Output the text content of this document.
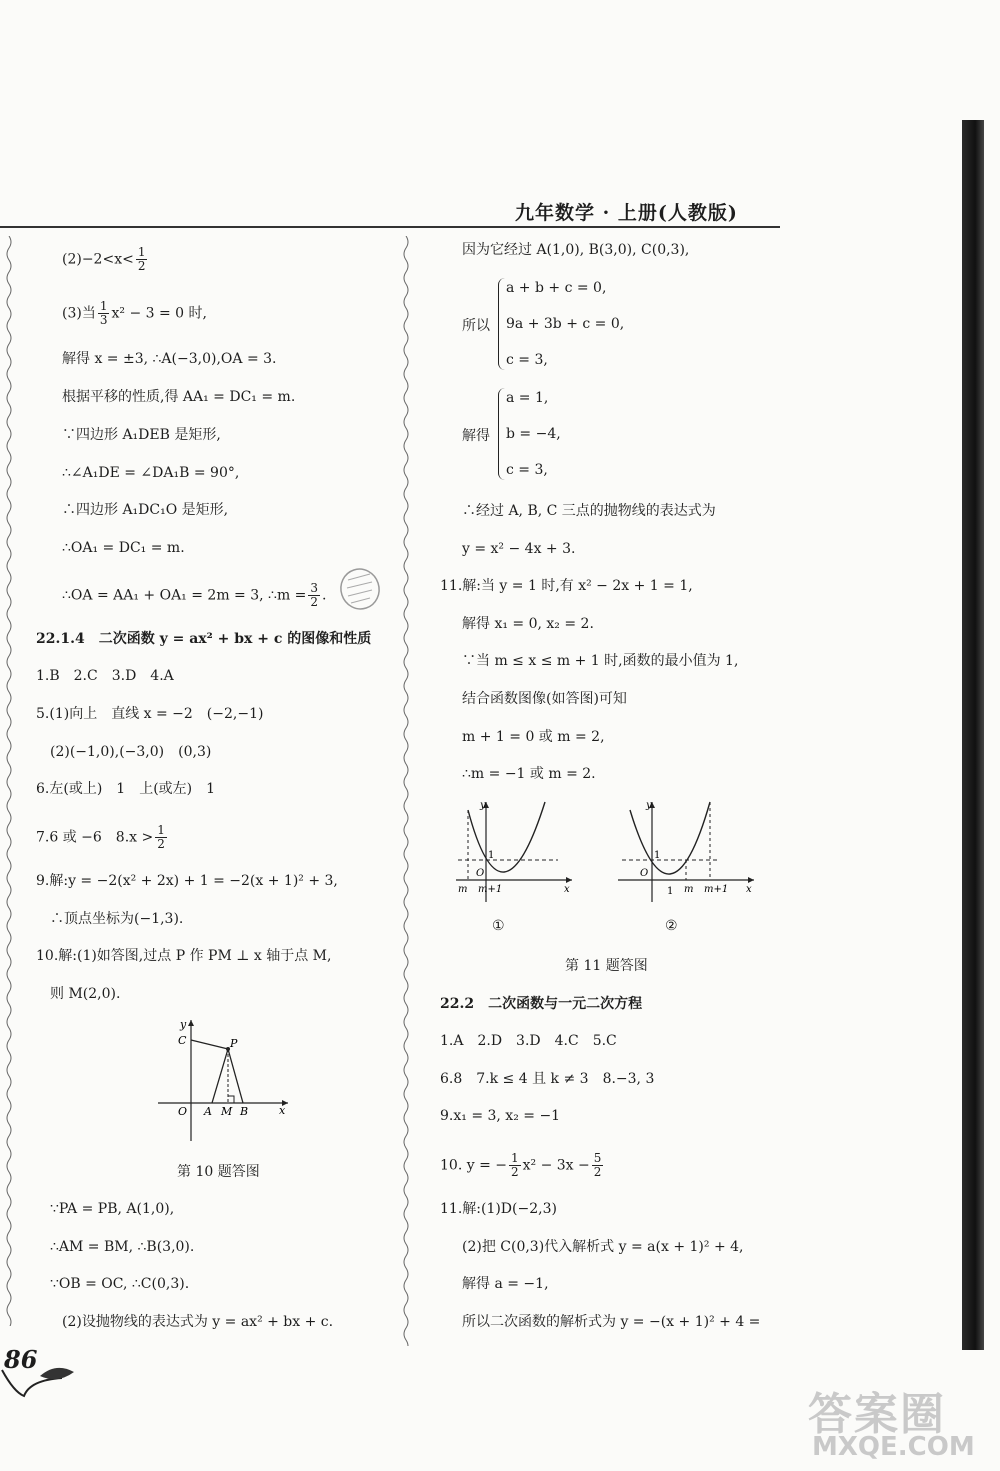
九年数学 · 上册(人教版)
$(2)-2<x< \frac{1}{2}$
(3)当 $\frac{1}{3} x^2 - 3 = 0$ 时,
解得 x = ±3, ∴A(−3,0),OA = 3.
根据平移的性质,得 AA₁ = DC₁ = m.
∵四边形 A₁DEB 是矩形,
∴∠A₁DE = ∠DA₁B = 90°,
∴四边形 A₁DC₁O 是矩形,
∴OA₁ = DC₁ = m.
∴OA = AA₁ + OA₁ = 2m = 3, ∴m = $\frac{3}{2}$ .
22.1.4　二次函数 y = ax² + bx + c 的图像和性质
1.B　2.C　3.D　4.A
5.(1)向上　直线 x = −2　(−2,−1)
(2)(−1,0),(−3,0)　(0,3)
6.左(或上)　1　上(或左)　1
7.6 或 −6　$8.x > \frac{1}{2}$
9.解:y = −2(x² + 2x) + 1 = −2(x + 1)² + 3,
∴顶点坐标为(−1,3).
10.解:(1)如答图,过点 P 作 PM ⊥ x 轴于点 M,
则 M(2,0).
y
C	P
O A M B	x
第 10 题答图
∵PA = PB, A(1,0),
∴AM = BM, ∴B(3,0).
∵OB = OC, ∴C(0,3).
(2)设抛物线的表达式为 y = ax² + bx + c.
86
因为它经过 A(1,0), B(3,0), C(0,3),
所以
a + b + c = 0,
9a + 3b + c = 0,
c = 3,
解得
a = 1,
b = −4,
c = 3,
∴经过 A, B, C 三点的抛物线的表达式为
y = x² − 4x + 3.
11.解:当 y = 1 时,有 x² − 2x + 1 = 1,
解得 x₁ = 0, x₂ = 2.
∵当 m ≤ x ≤ m + 1 时,函数的最小值为 1,
结合函数图像(如答图)可知
m + 1 = 0 或 m = 2,
∴m = −1 或 m = 2.
y
1
O
m m+1	x
①
y
1
O
1 m m+1 x
②
第 11 题答图
22.2　二次函数与一元二次方程
1.A　2.D　3.D　4.C　5.C
6.8　7.k ≤ 4 且 k ≠ 3　8.−3, 3
9.x₁ = 3, x₂ = −1
10. y = − $\frac{1}{2} x^2 - 3x - \frac{5}{2}$
11.解:(1)D(−2,3)
(2)把 C(0,3)代入解析式 y = a(x + 1)² + 4,
解得 a = −1,
所以二次函数的解析式为 y = −(x + 1)² + 4 =
答案圈
MXQE.COM
